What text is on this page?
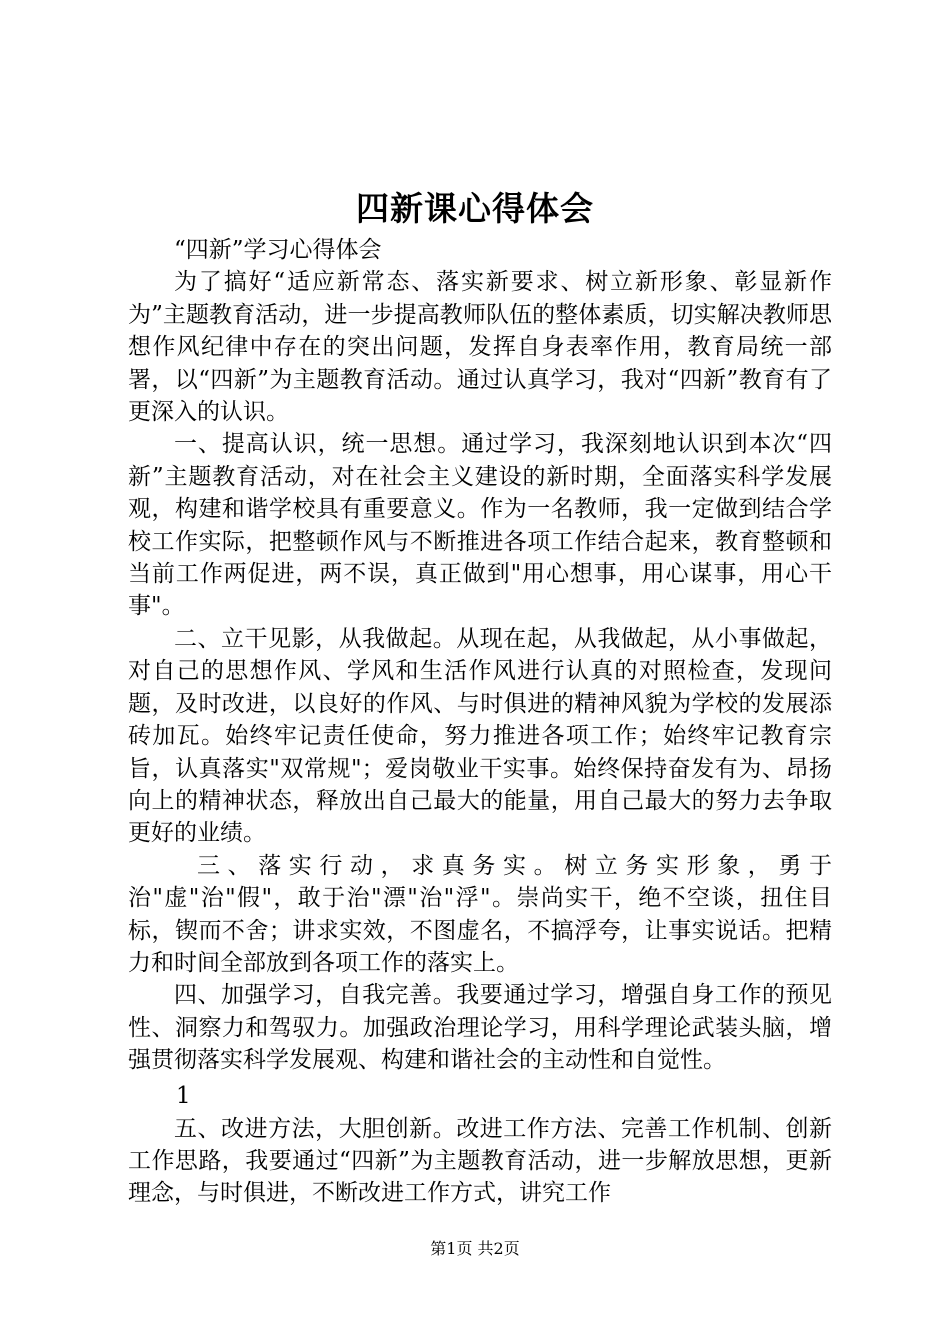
四新课心得体会

“四新”学习心得体会

为了搞好“适应新常态、落实新要求、树立新形象、彰显新作为”主题教育活动，进一步提高教师队伍的整体素质，切实解决教师思想作风纪律中存在的突出问题，发挥自身表率作用，教育局统一部署，以“四新”为主题教育活动。通过认真学习，我对“四新”教育有了更深入的认识。

一、提高认识，统一思想。通过学习，我深刻地认识到本次“四新”主题教育活动，对在社会主义建设的新时期，全面落实科学发展观，构建和谐学校具有重要意义。作为一名教师，我一定做到结合学校工作实际，把整顿作风与不断推进各项工作结合起来，教育整顿和当前工作两促进，两不误，真正做到"用心想事，用心谋事，用心干事"。

二、立干见影，从我做起。从现在起，从我做起，从小事做起，对自己的思想作风、学风和生活作风进行认真的对照检查，发现问题，及时改进，以良好的作风、与时俱进的精神风貌为学校的发展添砖加瓦。始终牢记责任使命，努力推进各项工作；始终牢记教育宗旨，认真落实"双常规"；爱岗敬业干实事。始终保持奋发有为、昂扬向上的精神状态，释放出自己最大的能量，用自己最大的努力去争取更好的业绩。

三、落实行动，求真务实。树立务实形象，勇于治"虚"治"假"，敢于治"漂"治"浮"。崇尚实干，绝不空谈，扭住目标，锲而不舍；讲求实效，不图虚名，不搞浮夸，让事实说话。把精力和时间全部放到各项工作的落实上。

四、加强学习，自我完善。我要通过学习，增强自身工作的预见性、洞察力和驾驭力。加强政治理论学习，用科学理论武装头脑，增强贯彻落实科学发展观、构建和谐社会的主动性和自觉性。

1

五、改进方法，大胆创新。改进工作方法、完善工作机制、创新工作思路，我要通过“四新”为主题教育活动，进一步解放思想，更新理念，与时俱进，不断改进工作方式，讲究工作

第1页 共2页
